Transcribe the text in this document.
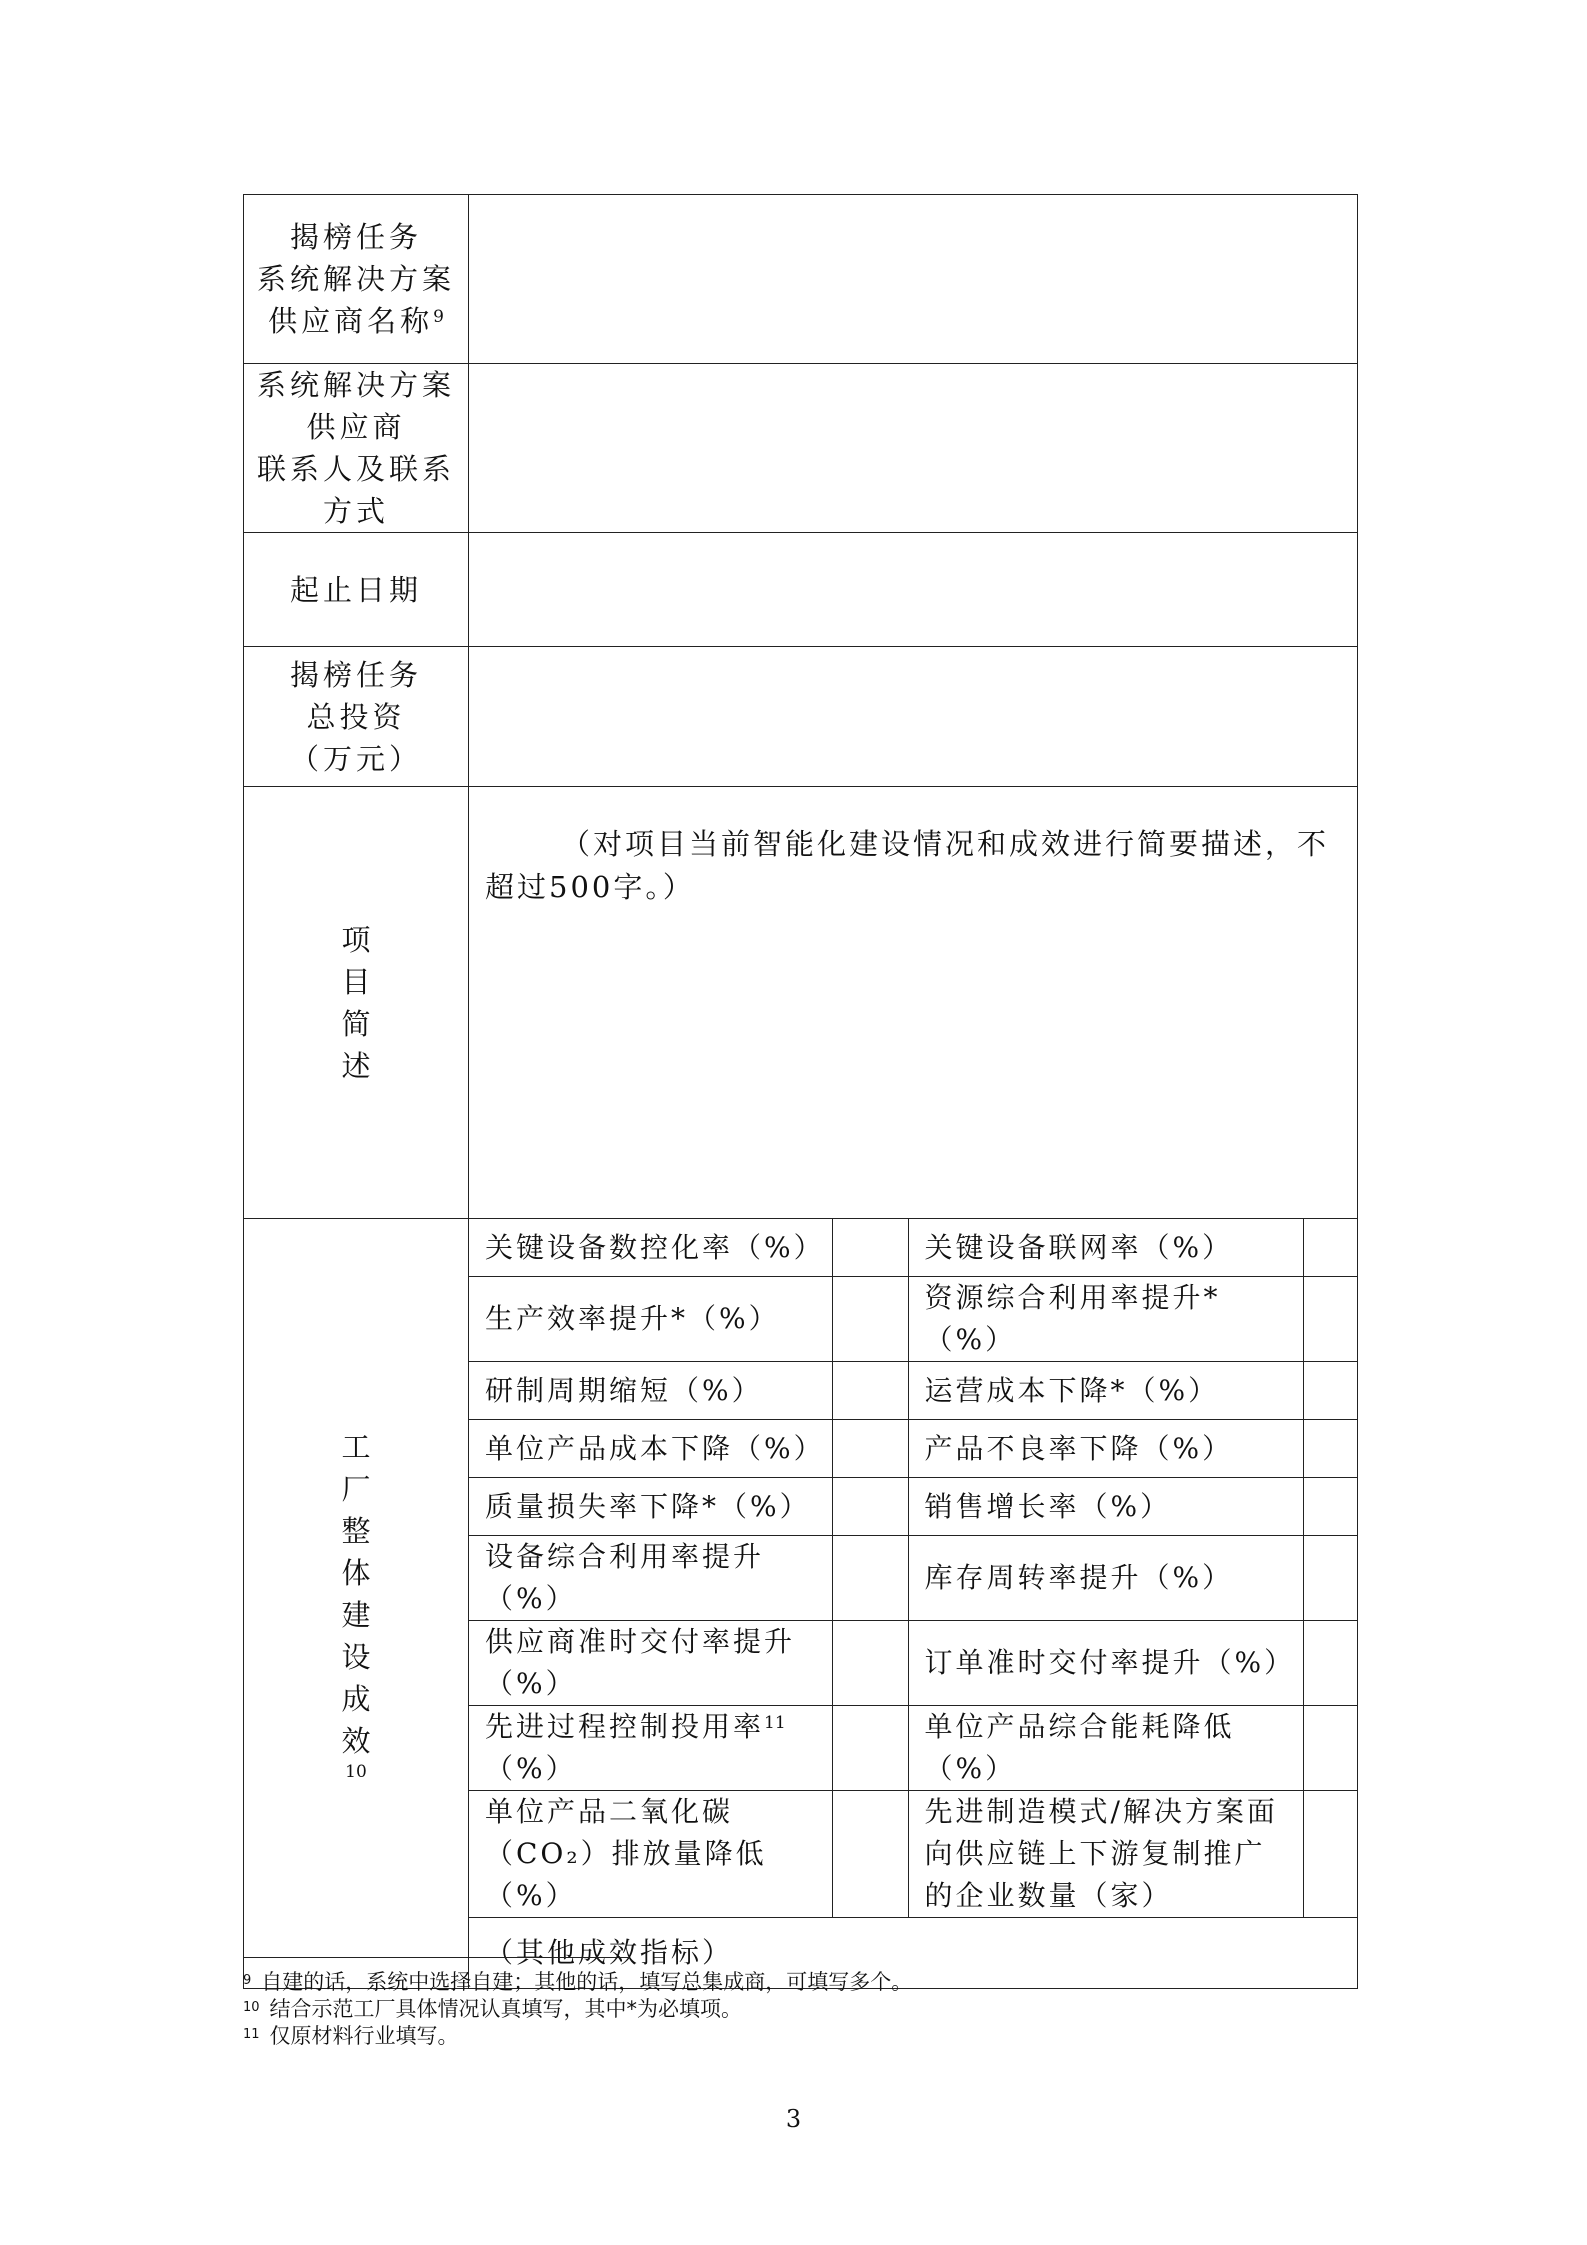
揭榜任务
系统解决方案
供应商名称$^9$

系统解决方案
供应商
联系人及联系
方式

起止日期

揭榜任务
总投资
（万元）

项
目
简
述

（对项目当前智能化建设情况和成效进行简要描述，不超过500字。）

工
厂
整
体
建
设
成
效
10

关键设备数控化率（%）		关键设备联网率（%）	
生产效率提升*（%）		资源综合利用率提升*（%）	
研制周期缩短（%）		运营成本下降*（%）	
单位产品成本下降（%）		产品不良率下降（%）	
质量损失率下降*（%）		销售增长率（%）	
设备综合利用率提升（%）		库存周转率提升（%）	
供应商准时交付率提升（%）		订单准时交付率提升（%）	
先进过程控制投用率$^{11}$（%）		单位产品综合能耗降低（%）	
单位产品二氧化碳（CO₂）排放量降低（%）		先进制造模式/解决方案面向供应链上下游复制推广的企业数量（家）	
（其他成效指标）
$^9$ 自建的话，系统中选择自建；其他的话，填写总集成商，可填写多个。
$^{10}$ 结合示范工厂具体情况认真填写，其中*为必填项。
$^{11}$ 仅原材料行业填写。
3
